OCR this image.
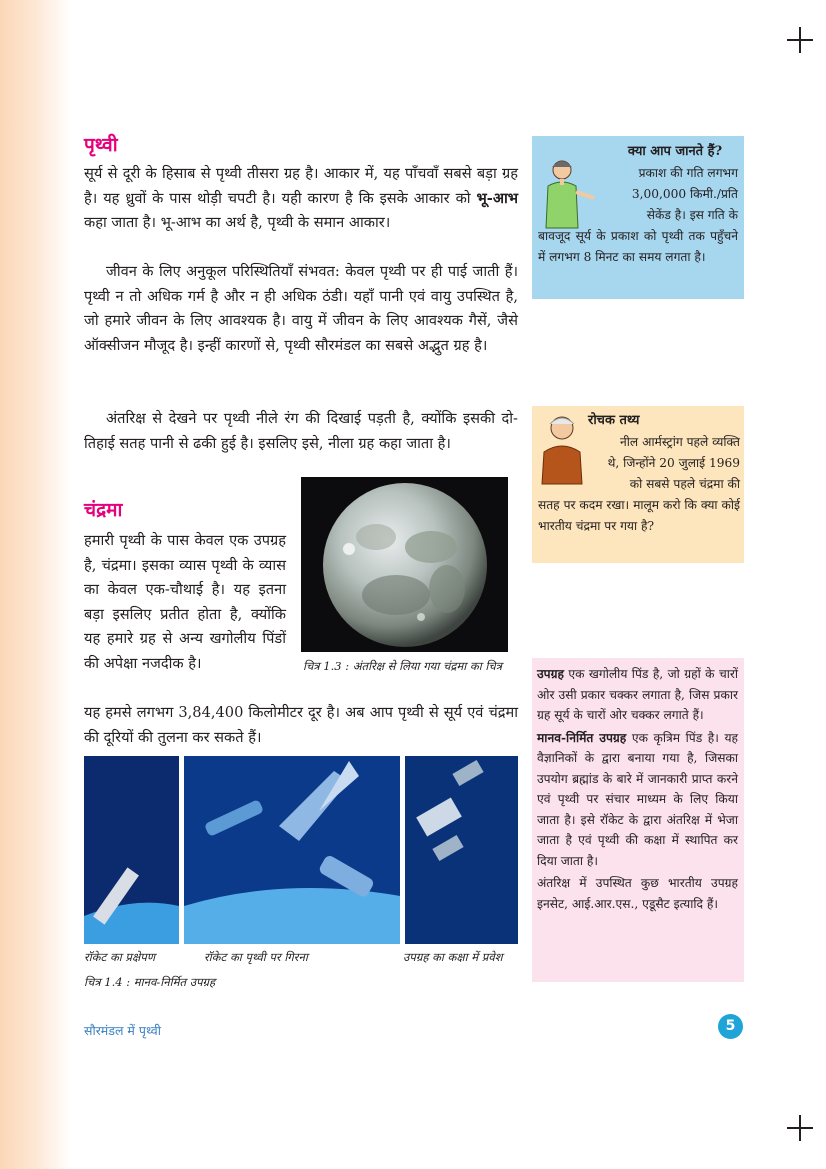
पृथ्वी

सूर्य से दूरी के हिसाब से पृथ्वी तीसरा ग्रह है। आकार में, यह पाँचवाँ सबसे बड़ा ग्रह है। यह ध्रुवों के पास थोड़ी चपटी है। यही कारण है कि इसके आकार को भू-आभ कहा जाता है। भू-आभ का अर्थ है, पृथ्वी के समान आकार।

जीवन के लिए अनुकूल परिस्थितियाँ संभवत: केवल पृथ्वी पर ही पाई जाती हैं। पृथ्वी न तो अधिक गर्म है और न ही अधिक ठंडी। यहाँ पानी एवं वायु उपस्थित है, जो हमारे जीवन के लिए आवश्यक है। वायु में जीवन के लिए आवश्यक गैसें, जैसे ऑक्सीजन मौजूद है। इन्हीं कारणों से, पृथ्वी सौरमंडल का सबसे अद्भुत ग्रह है।

अंतरिक्ष से देखने पर पृथ्वी नीले रंग की दिखाई पड़ती है, क्योंकि इसकी दो-तिहाई सतह पानी से ढकी हुई है। इसलिए इसे, नीला ग्रह कहा जाता है।

चंद्रमा

हमारी पृथ्वी के पास केवल एक उपग्रह है, चंद्रमा। इसका व्यास पृथ्वी के व्यास का केवल एक-चौथाई है। यह इतना बड़ा इसलिए प्रतीत होता है, क्योंकि यह हमारे ग्रह से अन्य खगोलीय पिंडों की अपेक्षा नजदीक है।

यह हमसे लगभग 3,84,400 किलोमीटर दूर है। अब आप पृथ्वी से सूर्य एवं चंद्रमा की दूरियों की तुलना कर सकते हैं।

चित्र 1.3 : अंतरिक्ष से लिया गया चंद्रमा का चित्र

रॉकेट का प्रक्षेपण	रॉकेट का पृथ्वी पर गिरना	उपग्रह का कक्षा में प्रवेश

चित्र 1.4 : मानव-निर्मित उपग्रह

क्या आप जानते हैं?
प्रकाश की गति लगभग
3,00,000 किमी./प्रति
सेकेंड है। इस गति के
बावजूद सूर्य के प्रकाश को पृथ्वी तक पहुँचने में लगभग 8 मिनट का समय लगता है।
रोचक तथ्य
नील आर्मस्ट्रांग पहले व्यक्ति
थे, जिन्होंने 20 जुलाई 1969
को सबसे पहले चंद्रमा की
सतह पर कदम रखा। मालूम करो कि क्या कोई भारतीय चंद्रमा पर गया है?
उपग्रह एक खगोलीय पिंड है, जो ग्रहों के चारों ओर उसी प्रकार चक्कर लगाता है, जिस प्रकार ग्रह सूर्य के चारों ओर चक्कर लगाते हैं।
मानव-निर्मित उपग्रह एक कृत्रिम पिंड है। यह वैज्ञानिकों के द्वारा बनाया गया है, जिसका उपयोग ब्रह्मांड के बारे में जानकारी प्राप्त करने एवं पृथ्वी पर संचार माध्यम के लिए किया जाता है। इसे रॉकेट के द्वारा अंतरिक्ष में भेजा जाता है एवं पृथ्वी की कक्षा में स्थापित कर दिया जाता है।
अंतरिक्ष में उपस्थित कुछ भारतीय उपग्रह इनसेट, आई.आर.एस., एडूसैट इत्यादि हैं।
सौरमंडल में पृथ्वी	5
